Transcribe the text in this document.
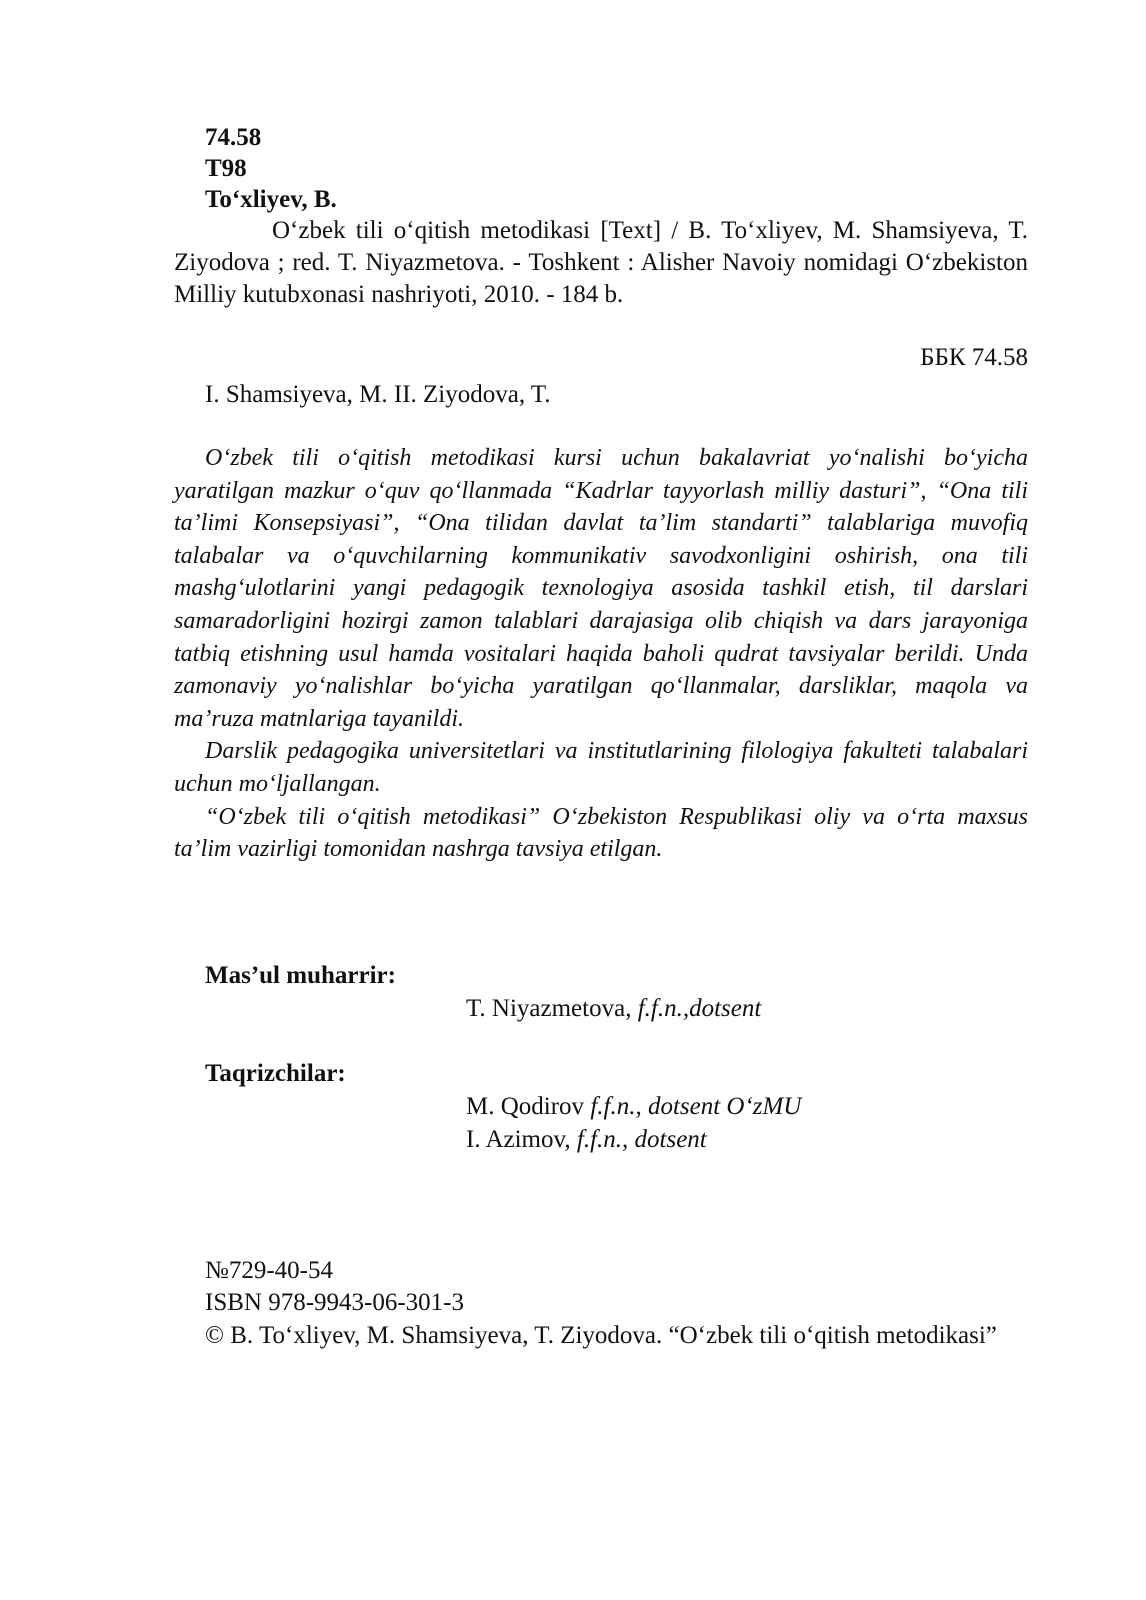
74.58
T98
To‘xliyev, B.
O‘zbek tili o‘qitish metodikasi [Text] / B. To‘xliyev, M. Shamsiyeva, T. Ziyodova ; red. T. Niyazmetova. - Toshkent : Alisher Navoiy nomidagi O‘zbekiston Milliy kutubxonasi nashriyoti, 2010. - 184 b.
ББК 74.58
I. Shamsiyeva, M. II. Ziyodova, T.

O‘zbek tili o‘qitish metodikasi kursi uchun bakalavriat yo‘nalishi bo‘yicha yaratilgan mazkur o‘quv qo‘llanmada “Kadrlar tayyorlash milliy dasturi”, “Ona tili ta’limi Konsepsiyasi”, “Ona tilidan davlat ta’lim standarti” talablariga muvofiq talabalar va o‘quvchilarning kommunikativ savodxonligini oshirish, ona tili mashg‘ulotlarini yangi pedagogik texnologiya asosida tashkil etish, til darslari samaradorligini hozirgi zamon talablari darajasiga olib chiqish va dars jarayoniga tatbiq etishning usul hamda vositalari haqida baholi qudrat tavsiyalar berildi. Unda zamonaviy yo‘nalishlar bo‘yicha yaratilgan qo‘llanmalar, darsliklar, maqola va ma’ruza matnlariga tayanildi.

Darslik pedagogika universitetlari va institutlarining filologiya fakulteti talabalari uchun mo‘ljallangan.

“O‘zbek tili o‘qitish metodikasi” O‘zbekiston Respublikasi oliy va o‘rta maxsus ta’lim vazirligi tomonidan nashrga tavsiya etilgan.

Mas’ul muharrir:
T. Niyazmetova, f.f.n.,dotsent
Taqrizchilar:
M. Qodirov f.f.n., dotsent O‘zMU
I. Azimov, f.f.n., dotsent
№729-40-54
ISBN 978-9943-06-301-3
© B. To‘xliyev, M. Shamsiyeva, T. Ziyodova. “O‘zbek tili o‘qitish metodikasi”
